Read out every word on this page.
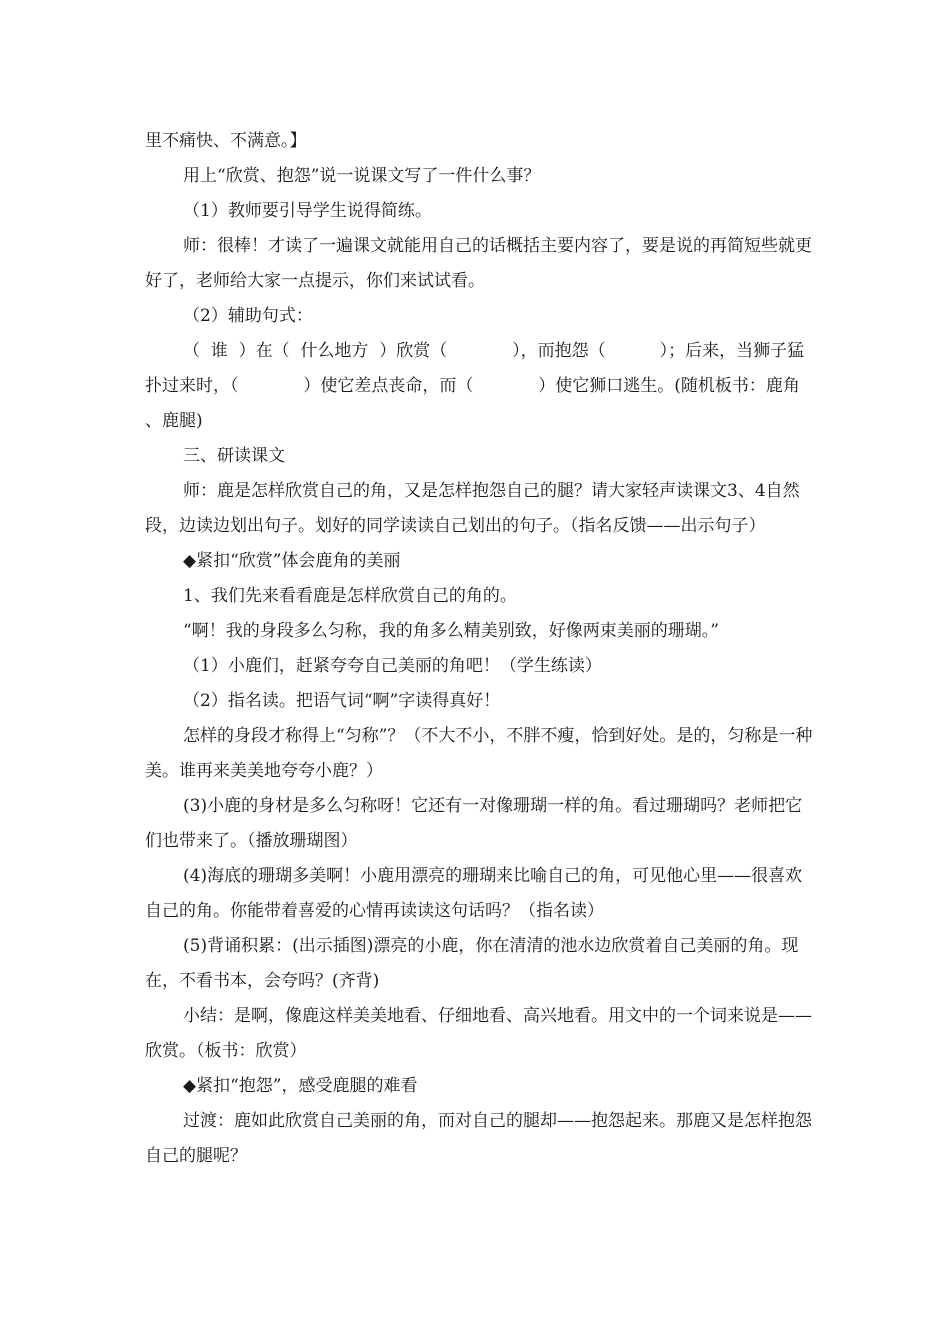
里不痛快、不满意。】

用上“欣赏、抱怨”说一说课文写了一件什么事？

（1）教师要引导学生说得简练。

师：很棒！才读了一遍课文就能用自己的话概括主要内容了，要是说的再简短些就更好了，老师给大家一点提示，你们来试试看。

（2）辅助句式：

（  谁  ）在（  什么地方  ）欣赏（            ），而抱怨（          ）；后来，当狮子猛扑过来时，（            ）使它差点丧命，而（            ）使它狮口逃生。(随机板书：鹿角  、鹿腿)

三、研读课文

师：鹿是怎样欣赏自己的角，又是怎样抱怨自己的腿？请大家轻声读课文3、4自然段，边读边划出句子。划好的同学读读自己划出的句子。（指名反馈——出示句子）

◆紧扣“欣赏”体会鹿角的美丽

1、我们先来看看鹿是怎样欣赏自己的角的。

“啊！我的身段多么匀称，我的角多么精美别致，好像两束美丽的珊瑚。”

（1）小鹿们，赶紧夸夸自己美丽的角吧！（学生练读）

（2）指名读。把语气词“啊”字读得真好！

怎样的身段才称得上“匀称”？（不大不小，不胖不瘦，恰到好处。是的，匀称是一种美。谁再来美美地夸夸小鹿？）

(3)小鹿的身材是多么匀称呀！它还有一对像珊瑚一样的角。看过珊瑚吗？老师把它们也带来了。（播放珊瑚图）

(4)海底的珊瑚多美啊！小鹿用漂亮的珊瑚来比喻自己的角，可见他心里——很喜欢自己的角。你能带着喜爱的心情再读读这句话吗？（指名读）

(5)背诵积累：(出示插图)漂亮的小鹿，你在清清的池水边欣赏着自己美丽的角。现在，不看书本，会夸吗？(齐背)

小结：是啊，像鹿这样美美地看、仔细地看、高兴地看。用文中的一个词来说是——欣赏。（板书：欣赏）

◆紧扣“抱怨”，感受鹿腿的难看

过渡：鹿如此欣赏自己美丽的角，而对自己的腿却——抱怨起来。那鹿又是怎样抱怨自己的腿呢？
